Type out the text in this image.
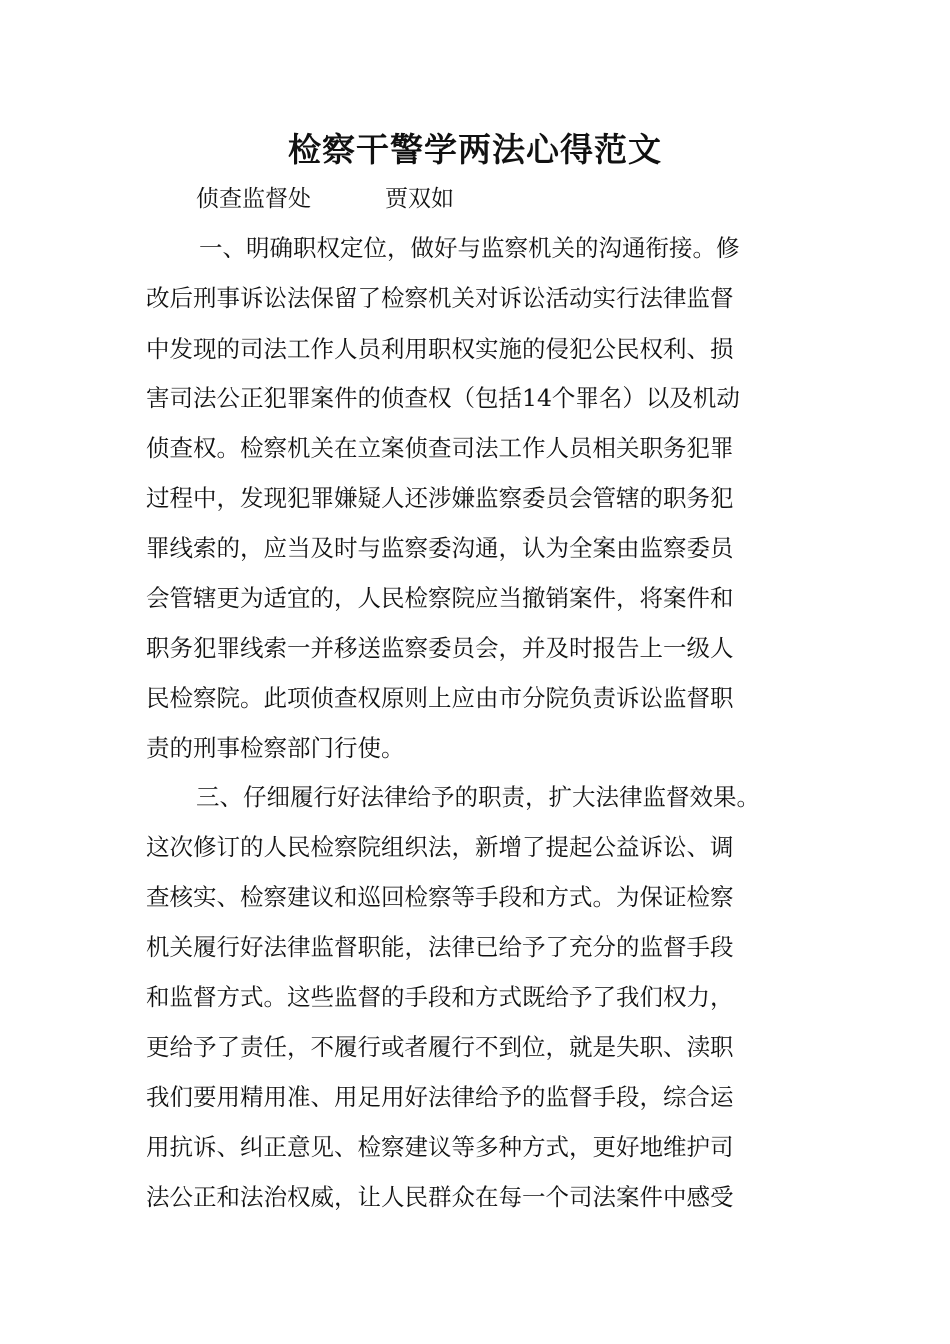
检察干警学两法心得范文
侦查监督处	贾双如

一、明确职权定位，做好与监察机关的沟通衔接。修

改后刑事诉讼法保留了检察机关对诉讼活动实行法律监督

中发现的司法工作人员利用职权实施的侵犯公民权利、损

害司法公正犯罪案件的侦查权（包括14个罪名）以及机动

侦查权。检察机关在立案侦查司法工作人员相关职务犯罪

过程中，发现犯罪嫌疑人还涉嫌监察委员会管辖的职务犯

罪线索的，应当及时与监察委沟通，认为全案由监察委员

会管辖更为适宜的，人民检察院应当撤销案件，将案件和

职务犯罪线索一并移送监察委员会，并及时报告上一级人

民检察院。此项侦查权原则上应由市分院负责诉讼监督职

责的刑事检察部门行使。

三、仔细履行好法律给予的职责，扩大法律监督效果。

这次修订的人民检察院组织法，新增了提起公益诉讼、调

查核实、检察建议和巡回检察等手段和方式。为保证检察

机关履行好法律监督职能，法律已给予了充分的监督手段

和监督方式。这些监督的手段和方式既给予了我们权力，

更给予了责任，不履行或者履行不到位，就是失职、渎职

我们要用精用准、用足用好法律给予的监督手段，综合运

用抗诉、纠正意见、检察建议等多种方式，更好地维护司

法公正和法治权威，让人民群众在每一个司法案件中感受
